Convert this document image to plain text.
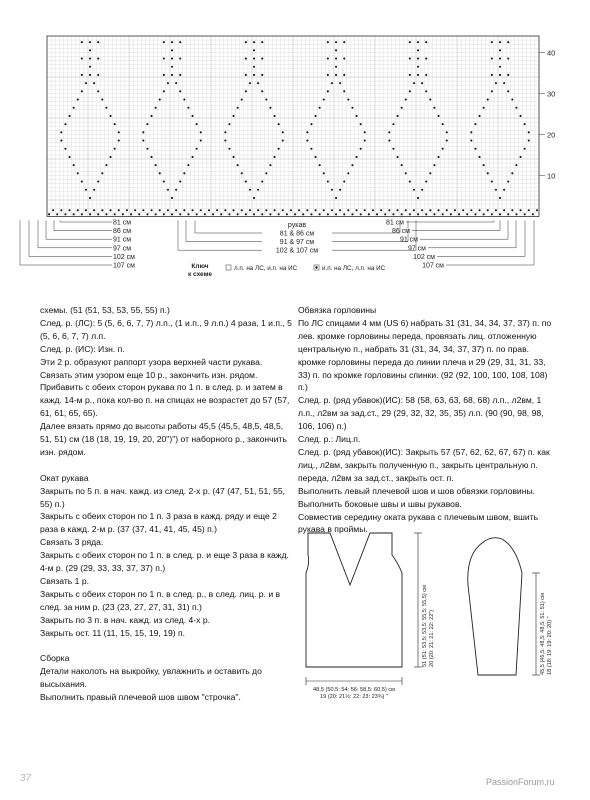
10
20
30
40
81 см
86 см
91 см
97 см
102 см
107 см
81 см
86 см
91 см
97 см
102 см
107 см
рукав
81 & 86 см
91 & 97 см
102 & 107 см
Ключ
к схеме
л.п. на ЛС, и.п. на ИС	и.п. на ЛС, л.п. на ИС

схемы. (51 (51, 53, 53, 55, 55) п.)

След. р. (ЛС): 5 (5, 6, 6, 7, 7) л.п., (1 и.п., 9 л.п.) 4 раза, 1 и.п., 5 (5, 6, 6, 7, 7) л.п.

След. р. (ИС): Изн. п.

Эти 2 р. образуют раппорт узора верхней части рукава.

Связать этим узором еще 10 р., закончить изн. рядом.

Прибавить с обеих сторон рукава по 1 п. в след. р. и затем в кажд. 14-м р., пока кол-во п. на спицах не возрастет до 57 (57, 61, 61, 65, 65).

Далее вязать прямо до высоты работы 45,5 (45,5, 48,5, 48,5, 51, 51) см (18 (18, 19, 19, 20, 20")") от наборного р., закончить изн. рядом.

Окат рукава

Закрыть по 5 п. в нач. кажд. из след. 2-х р. (47 (47, 51, 51, 55, 55) п.)

Закрыть с обеих сторон по 1 п. 3 раза в кажд. ряду и еще 2 раза в кажд. 2-м р. (37 (37, 41, 41, 45, 45) п.)

Связать 3 ряда.

Закрыть с обеих сторон по 1 п. в след. р. и еще 3 раза в кажд. 4-м р. (29 (29, 33, 33, 37, 37) п.)

Связать 1 р.

Закрыть с обеих сторон по 1 п. в след. р., в след. лиц. р. и в след. за ним р. (23 (23, 27, 27, 31, 31) п.)

Закрыть по 3 п. в нач. кажд. из след. 4-х р.

Закрыть ост. 11 (11, 15, 15, 19, 19) п.

Сборка

Детали наколоть на выкройку, увлажнить и оставить до высыхания.

Выполнить правый плечевой шов швом "строчка".

Обвязка горловины

По ЛС спицами 4 мм (US 6) набрать 31 (31, 34, 34, 37, 37) п. по лев. кромке горловины переда, провязать лиц. отложенную центральную п., набрать 31 (31, 34, 34, 37, 37) п. по прав. кромке горловины переда до линии плеча и 29 (29, 31, 31, 33, 33) п. по кромке горловины спинки. (92 (92, 100, 100, 108, 108) п.)

След. р. (ряд убавок)(ИС): 58 (58, 63, 63, 68, 68) л.п., л2вм, 1 л.п., л2вм за зад.ст., 29 (29, 32, 32, 35, 35) л.п. (90 (90, 98, 98, 106, 106) п.)

След. р.: Лиц.п.

След. р. (ряд убавок)(ИС): Закрыть 57 (57, 62, 62, 67, 67) п. как лиц., л2вм, закрыть полученную п., закрыть центральную п. переда, л2вм за зад.ст., закрыть ост. п.

Выполнить левый плечевой шов и шов обвязки горловины.

Выполнить боковые швы и швы рукавов.

Совместив середину оката рукава с плечевым швом, вшить рукава в проймы.

51 (51: 53,5: 53,5: 55,5: 55,5) см 20 (20: 21: 21: 22: 22")
48,5 (50,5: 54: 56: 58,5: 60,5) см
19 (20: 21½: 22: 23: 23¾) "
45,5 (45,5: 48,5: 48,5: 51: 51) см 18 (18: 19: 19: 20: 20) "
37	PassionForum.ru
